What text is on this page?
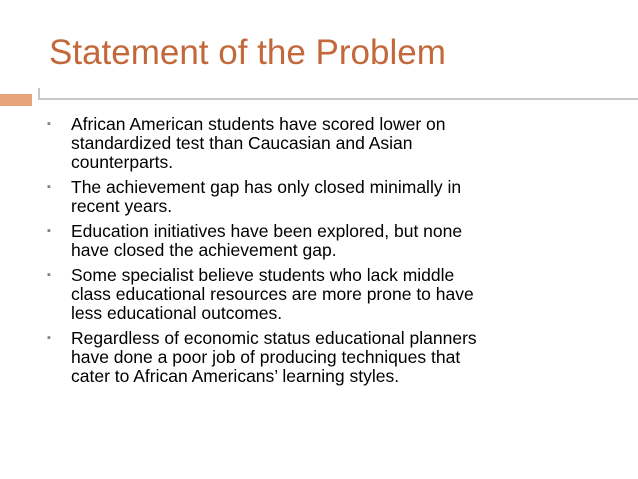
Statement of the Problem
▪ African American students have scored lower on
standardized test than Caucasian and Asian
counterparts.
▪ The achievement gap has only closed minimally in
recent years.
▪ Education initiatives have been explored, but none
have closed the achievement gap.
▪ Some specialist believe students who lack middle
class educational resources are more prone to have
less educational outcomes.
▪ Regardless of economic status educational planners
have done a poor job of producing techniques that
cater to African Americans’ learning styles.
